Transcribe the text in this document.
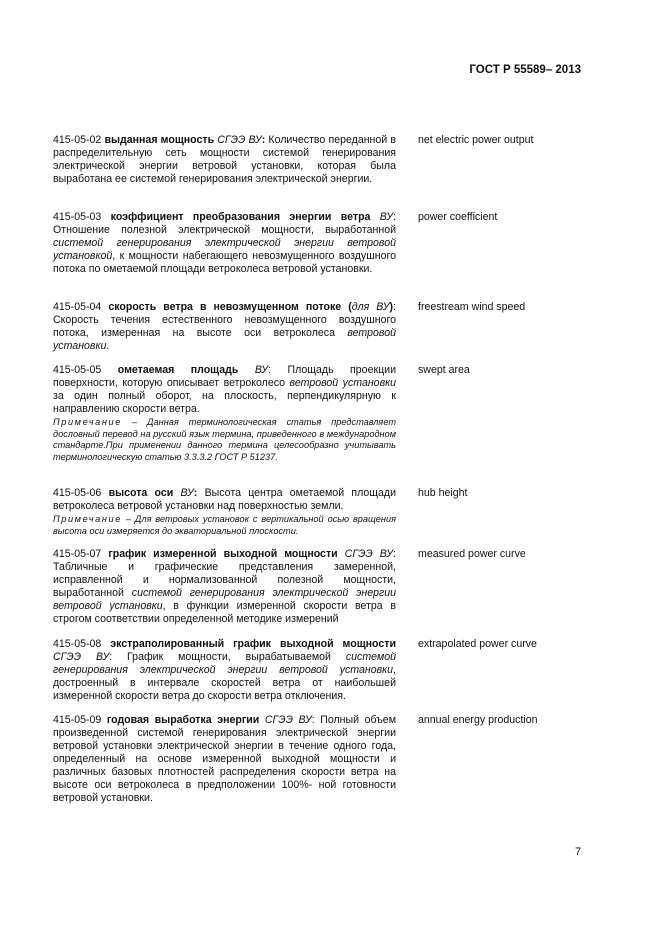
ГОСТ Р 55589– 2013

415-05-02 выданная мощность СГЭЭ ВУ: Количество переданной в распределительную сеть мощности системой генерирования электрической энергии ветровой установки, которая была выработана ее системой генерирования электрической энергии.

net electric power output

415-05-03 коэффициент преобразования энергии ветра ВУ: Отношение полезной электрической мощности, выработанной системой генерирования электрической энергии ветровой установкой, к мощности набегающего невозмущенного воздушного потока по ометаемой площади ветроколеса ветровой установки.

power coefficient

415-05-04 скорость ветра в невозмущенном потоке (для ВУ): Скорость течения естественного невозмущенного воздушного потока, измеренная на высоте оси ветроколеса ветровой установки.

freestream wind speed

415-05-05 ометаемая площадь ВУ: Площадь проекции поверхности, которую описывает ветроколесо ветровой установки за один полный оборот, на плоскость, перпендикулярную к направлению скорости ветра.

Примечание – Данная терминологическая статья представляет дословный перевод на русский язык термина, приведенного в международном стандарте.При применении данного термина целесообразно учитывать терминологическую статью 3.3.3.2 ГОСТ Р 51237.
swept area

415-05-06 высота оси ВУ: Высота центра ометаемой площади ветроколеса ветровой установки над поверхностью земли.

Примечание – Для ветровых установок с вертикальной осью вращения высота оси измеряется до экваториальной плоскости.
hub height

415-05-07 график измеренной выходной мощности СГЭЭ ВУ: Табличные и графические представления замеренной, исправленной и нормализованной полезной мощности, выработанной системой генерирования электрической энергии ветровой установки, в функции измеренной скорости ветра в строгом соответствии определенной методике измерений

measured power curve

415-05-08 экстраполированный график выходной мощности СГЭЭ ВУ: График мощности, вырабатываемой системой генерирования электрической энергии ветровой установки, достроенный в интервале скоростей ветра от наибольшей измеренной скорости ветра до скорости ветра отключения.

extrapolated power curve

415-05-09 годовая выработка энергии СГЭЭ ВУ: Полный объем произведенной системой генерирования электрической энергии ветровой установки электрической энергии в течение одного года, определенный на основе измеренной выходной мощности и различных базовых плотностей распределения скорости ветра на высоте оси ветроколеса в предположении 100%- ной готовности ветровой установки.

annual energy production
7
